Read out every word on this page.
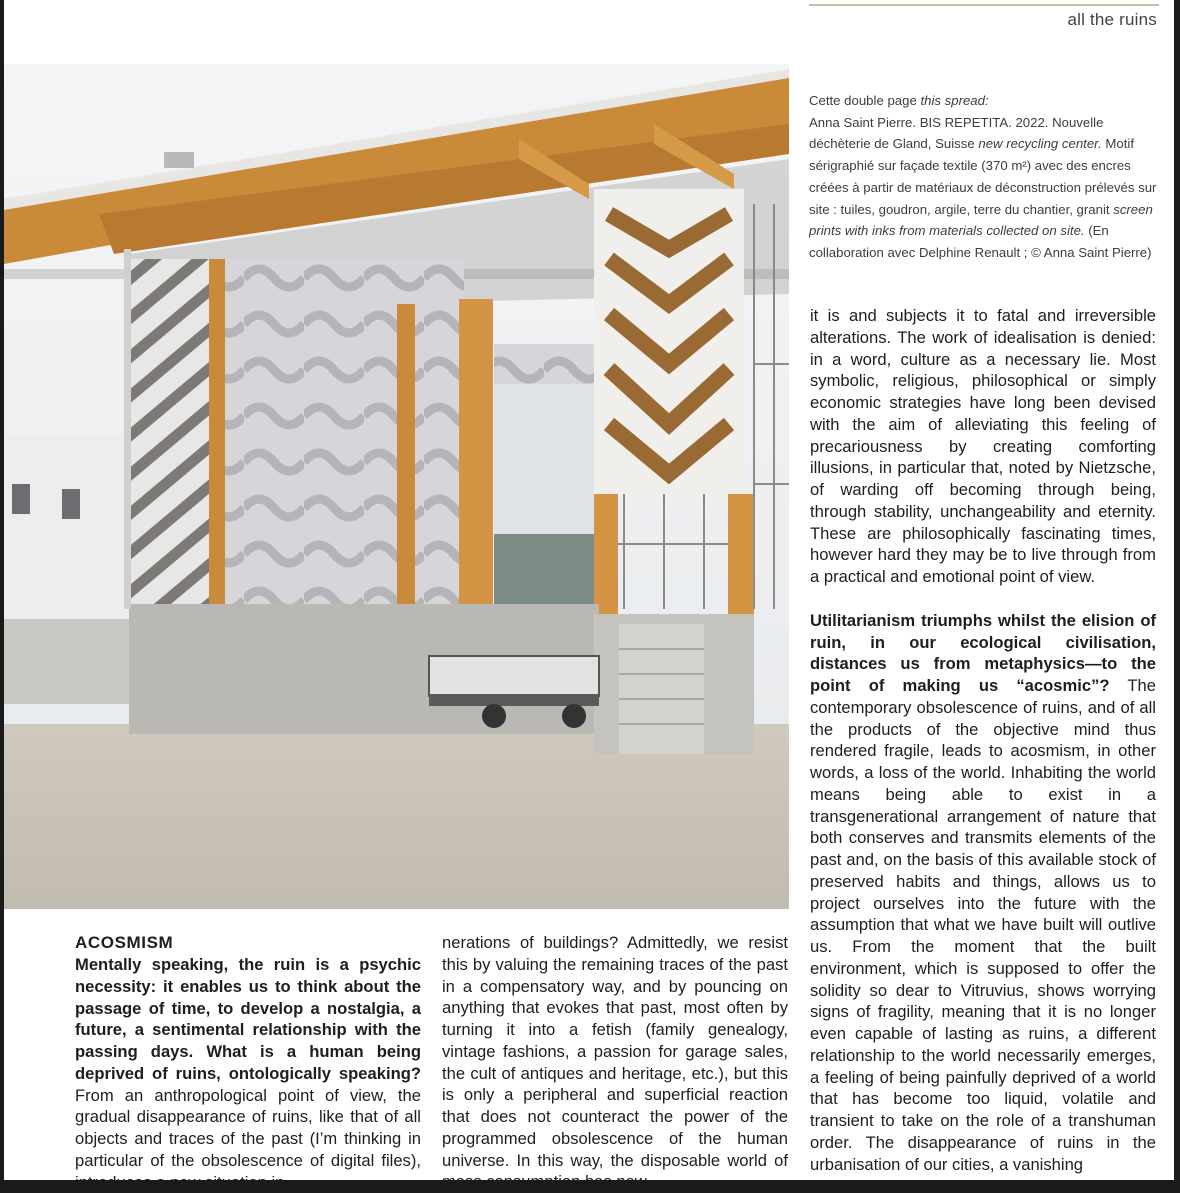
all the ruins

Cette double page this spread:

Anna Saint Pierre. BIS REPETITA. 2022. Nouvelle déchèterie de Gland, Suisse new recycling center. Motif sérigraphié sur façade textile (370 m²) avec des encres créées à partir de matériaux de déconstruction prélevés sur site : tuiles, goudron, argile, terre du chantier, granit screen prints with inks from materials collected on site. (En collaboration avec Delphine Renault ; © Anna Saint Pierre)

it is and subjects it to fatal and irreversible alterations. The work of idealisation is denied: in a word, culture as a necessary lie. Most symbolic, religious, philosophical or simply economic strategies have long been devised with the aim of alleviating this feeling of precariousness by creating comforting illusions, in particular that, noted by Nietzsche, of warding off becoming through being, through stability, unchangeability and eternity. These are philosophically fascinating times, however hard they may be to live through from a practical and emotional point of view.

Utilitarianism triumphs whilst the elision of ruin, in our ecological civilisation, distances us from metaphysics—to the point of making us “acosmic”? The contemporary obsolescence of ruins, and of all the products of the objective mind thus rendered fragile, leads to acosmism, in other words, a loss of the world. Inhabiting the world means being able to exist in a transgenerational arrangement of nature that both conserves and transmits elements of the past and, on the basis of this available stock of preserved habits and things, allows us to project ourselves into the future with the assumption that what we have built will outlive us. From the moment that the built environment, which is supposed to offer the solidity so dear to Vitruvius, shows worrying signs of fragility, meaning that it is no longer even capable of lasting as ruins, a different relationship to the world necessarily emerges, a feeling of being painfully deprived of a world that has become too liquid, volatile and transient to take on the role of a transhuman order. The disappearance of ruins in the urbanisation of our cities, a vanishing

ACOSMISM

Mentally speaking, the ruin is a psychic necessity: it enables us to think about the passage of time, to develop a nostalgia, a future, a sentimental relationship with the passing days. What is a human being deprived of ruins, ontologically speaking? From an anthropological point of view, the gradual disappearance of ruins, like that of all objects and traces of the past (I’m thinking in particular of the obsolescence of digital files), introduces a new situation in

nerations of buildings? Admittedly, we resist this by valuing the remaining traces of the past in a compensatory way, and by pouncing on anything that evokes that past, most often by turning it into a fetish (family genealogy, vintage fashions, a passion for garage sales, the cult of antiques and heritage, etc.), but this is only a peripheral and superficial reaction that does not counteract the power of the programmed obsolescence of the human universe. In this way, the disposable world of mass consumption has now
